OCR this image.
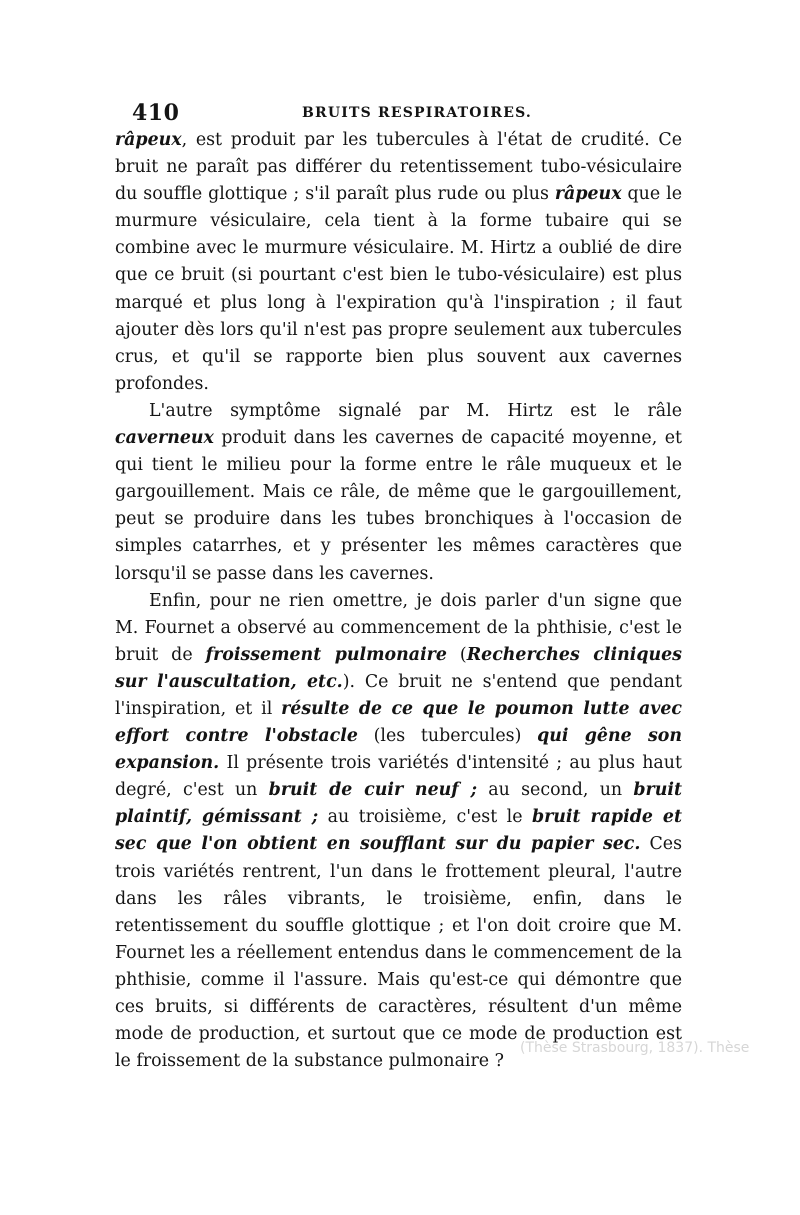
410	BRUITS RESPIRATOIRES.

râpeux, est produit par les tubercules à l'état de crudité. Ce bruit ne paraît pas différer du retentissement tubo-vésiculaire du souffle glottique ; s'il paraît plus rude ou plus râpeux que le murmure vésiculaire, cela tient à la forme tubaire qui se combine avec le murmure vésiculaire. M. Hirtz a oublié de dire que ce bruit (si pourtant c'est bien le tubo-vésiculaire) est plus marqué et plus long à l'expiration qu'à l'inspiration ; il faut ajouter dès lors qu'il n'est pas propre seulement aux tubercules crus, et qu'il se rapporte bien plus souvent aux cavernes profondes.

L'autre symptôme signalé par M. Hirtz est le râle caverneux produit dans les cavernes de capacité moyenne, et qui tient le milieu pour la forme entre le râle muqueux et le gargouillement. Mais ce râle, de même que le gargouillement, peut se produire dans les tubes bronchiques à l'occasion de simples catarrhes, et y présenter les mêmes caractères que lorsqu'il se passe dans les cavernes.

Enfin, pour ne rien omettre, je dois parler d'un signe que M. Fournet a observé au commencement de la phthisie, c'est le bruit de froissement pulmonaire (Recherches cliniques sur l'auscultation, etc.). Ce bruit ne s'entend que pendant l'inspiration, et il résulte de ce que le poumon lutte avec effort contre l'obstacle (les tubercules) qui gêne son expansion. Il présente trois variétés d'intensité ; au plus haut degré, c'est un bruit de cuir neuf ; au second, un bruit plaintif, gémissant ; au troisième, c'est le bruit rapide et sec que l'on obtient en soufflant sur du papier sec. Ces trois variétés rentrent, l'un dans le frottement pleural, l'autre dans les râles vibrants, le troisième, enfin, dans le retentissement du souffle glottique ; et l'on doit croire que M. Fournet les a réellement entendus dans le commencement de la phthisie, comme il l'assure. Mais qu'est-ce qui démontre que ces bruits, si différents de caractères, résultent d'un même mode de production, et surtout que ce mode de production est le froissement de la substance pulmonaire ?

(Thèse Strasbourg, 1837). Thèse
